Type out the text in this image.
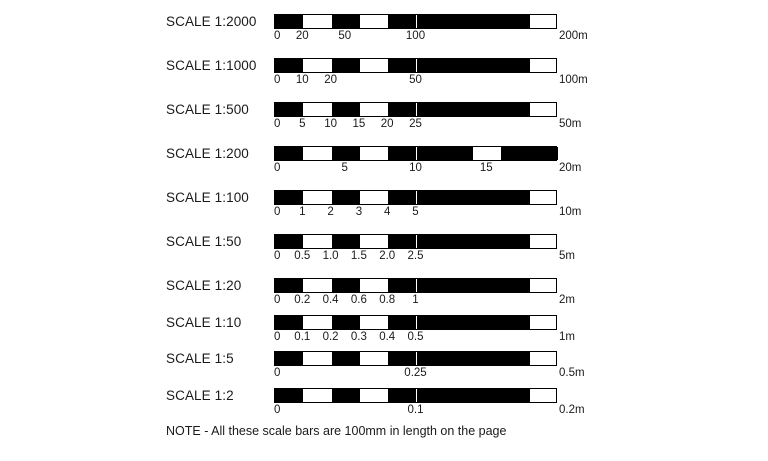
SCALE 1:2000
0 20	50	100	200m
SCALE 1:1000
0 10 20	50	100m
SCALE 1:500
0 5 10 15 20 25	50m
SCALE 1:200
0	5	10	15	20m
SCALE 1:100
0 1 2 3 4 5	10m
SCALE 1:50
0 0.5 1.0 1.5 2.0 2.5	5m
SCALE 1:20
0 0.2 0.4 0.6 0.8 1	2m
SCALE 1:10
0 0.1 0.2 0.3 0.4 0.5	1m
SCALE 1:5
0	0.25	0.5m
SCALE 1:2
0	0.1	0.2m
NOTE - All these scale bars are 100mm in length on the page
